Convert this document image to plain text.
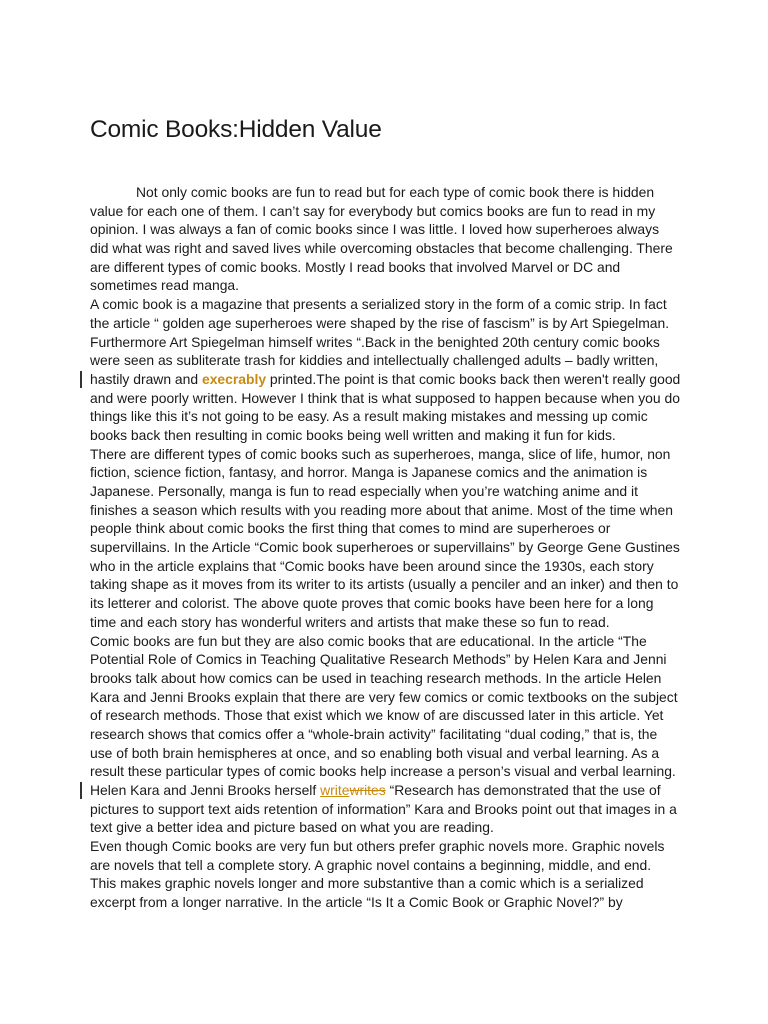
Comic Books:Hidden Value
Not only comic books are fun to read but for each type of comic book there is hidden
value for each one of them. I can’t say for everybody but comics books are fun to read in my
opinion. I was always a fan of comic books since I was little. I loved how superheroes always
did what was right and saved lives while overcoming obstacles that become challenging. There
are different types of comic books. Mostly I read books that involved Marvel or DC and
sometimes read manga.
A comic book is a magazine that presents a serialized story in the form of a comic strip. In fact
the article “ golden age superheroes were shaped by the rise of fascism” is by Art Spiegelman.
Furthermore Art Spiegelman himself writes “.Back in the benighted 20th century comic books
were seen as subliterate trash for kiddies and intellectually challenged adults – badly written,
hastily drawn and execrably printed.The point is that comic books back then weren't really good
and were poorly written. However I think that is what supposed to happen because when you do
things like this it’s not going to be easy. As a result making mistakes and messing up comic
books back then resulting in comic books being well written and making it fun for kids.
There are different types of comic books such as superheroes, manga, slice of life, humor, non
fiction, science fiction, fantasy, and horror. Manga is Japanese comics and the animation is
Japanese. Personally, manga is fun to read especially when you’re watching anime and it
finishes a season which results with you reading more about that anime. Most of the time when
people think about comic books the first thing that comes to mind are superheroes or
supervillains. In the Article “Comic book superheroes or supervillains” by George Gene Gustines
who in the article explains that “Comic books have been around since the 1930s, each story
taking shape as it moves from its writer to its artists (usually a penciler and an inker) and then to
its letterer and colorist. The above quote proves that comic books have been here for a long
time and each story has wonderful writers and artists that make these so fun to read.
Comic books are fun but they are also comic books that are educational. In the article “The
Potential Role of Comics in Teaching Qualitative Research Methods” by Helen Kara and Jenni
brooks talk about how comics can be used in teaching research methods. In the article Helen
Kara and Jenni Brooks explain that there are very few comics or comic textbooks on the subject
of research methods. Those that exist which we know of are discussed later in this article. Yet
research shows that comics offer a “whole-brain activity” facilitating “dual coding,” that is, the
use of both brain hemispheres at once, and so enabling both visual and verbal learning. As a
result these particular types of comic books help increase a person’s visual and verbal learning.
Helen Kara and Jenni Brooks herself writewrites “Research has demonstrated that the use of
pictures to support text aids retention of information” Kara and Brooks point out that images in a
text give a better idea and picture based on what you are reading.
Even though Comic books are very fun but others prefer graphic novels more. Graphic novels
are novels that tell a complete story. A graphic novel contains a beginning, middle, and end.
This makes graphic novels longer and more substantive than a comic which is a serialized
excerpt from a longer narrative. In the article “Is It a Comic Book or Graphic Novel?” by
